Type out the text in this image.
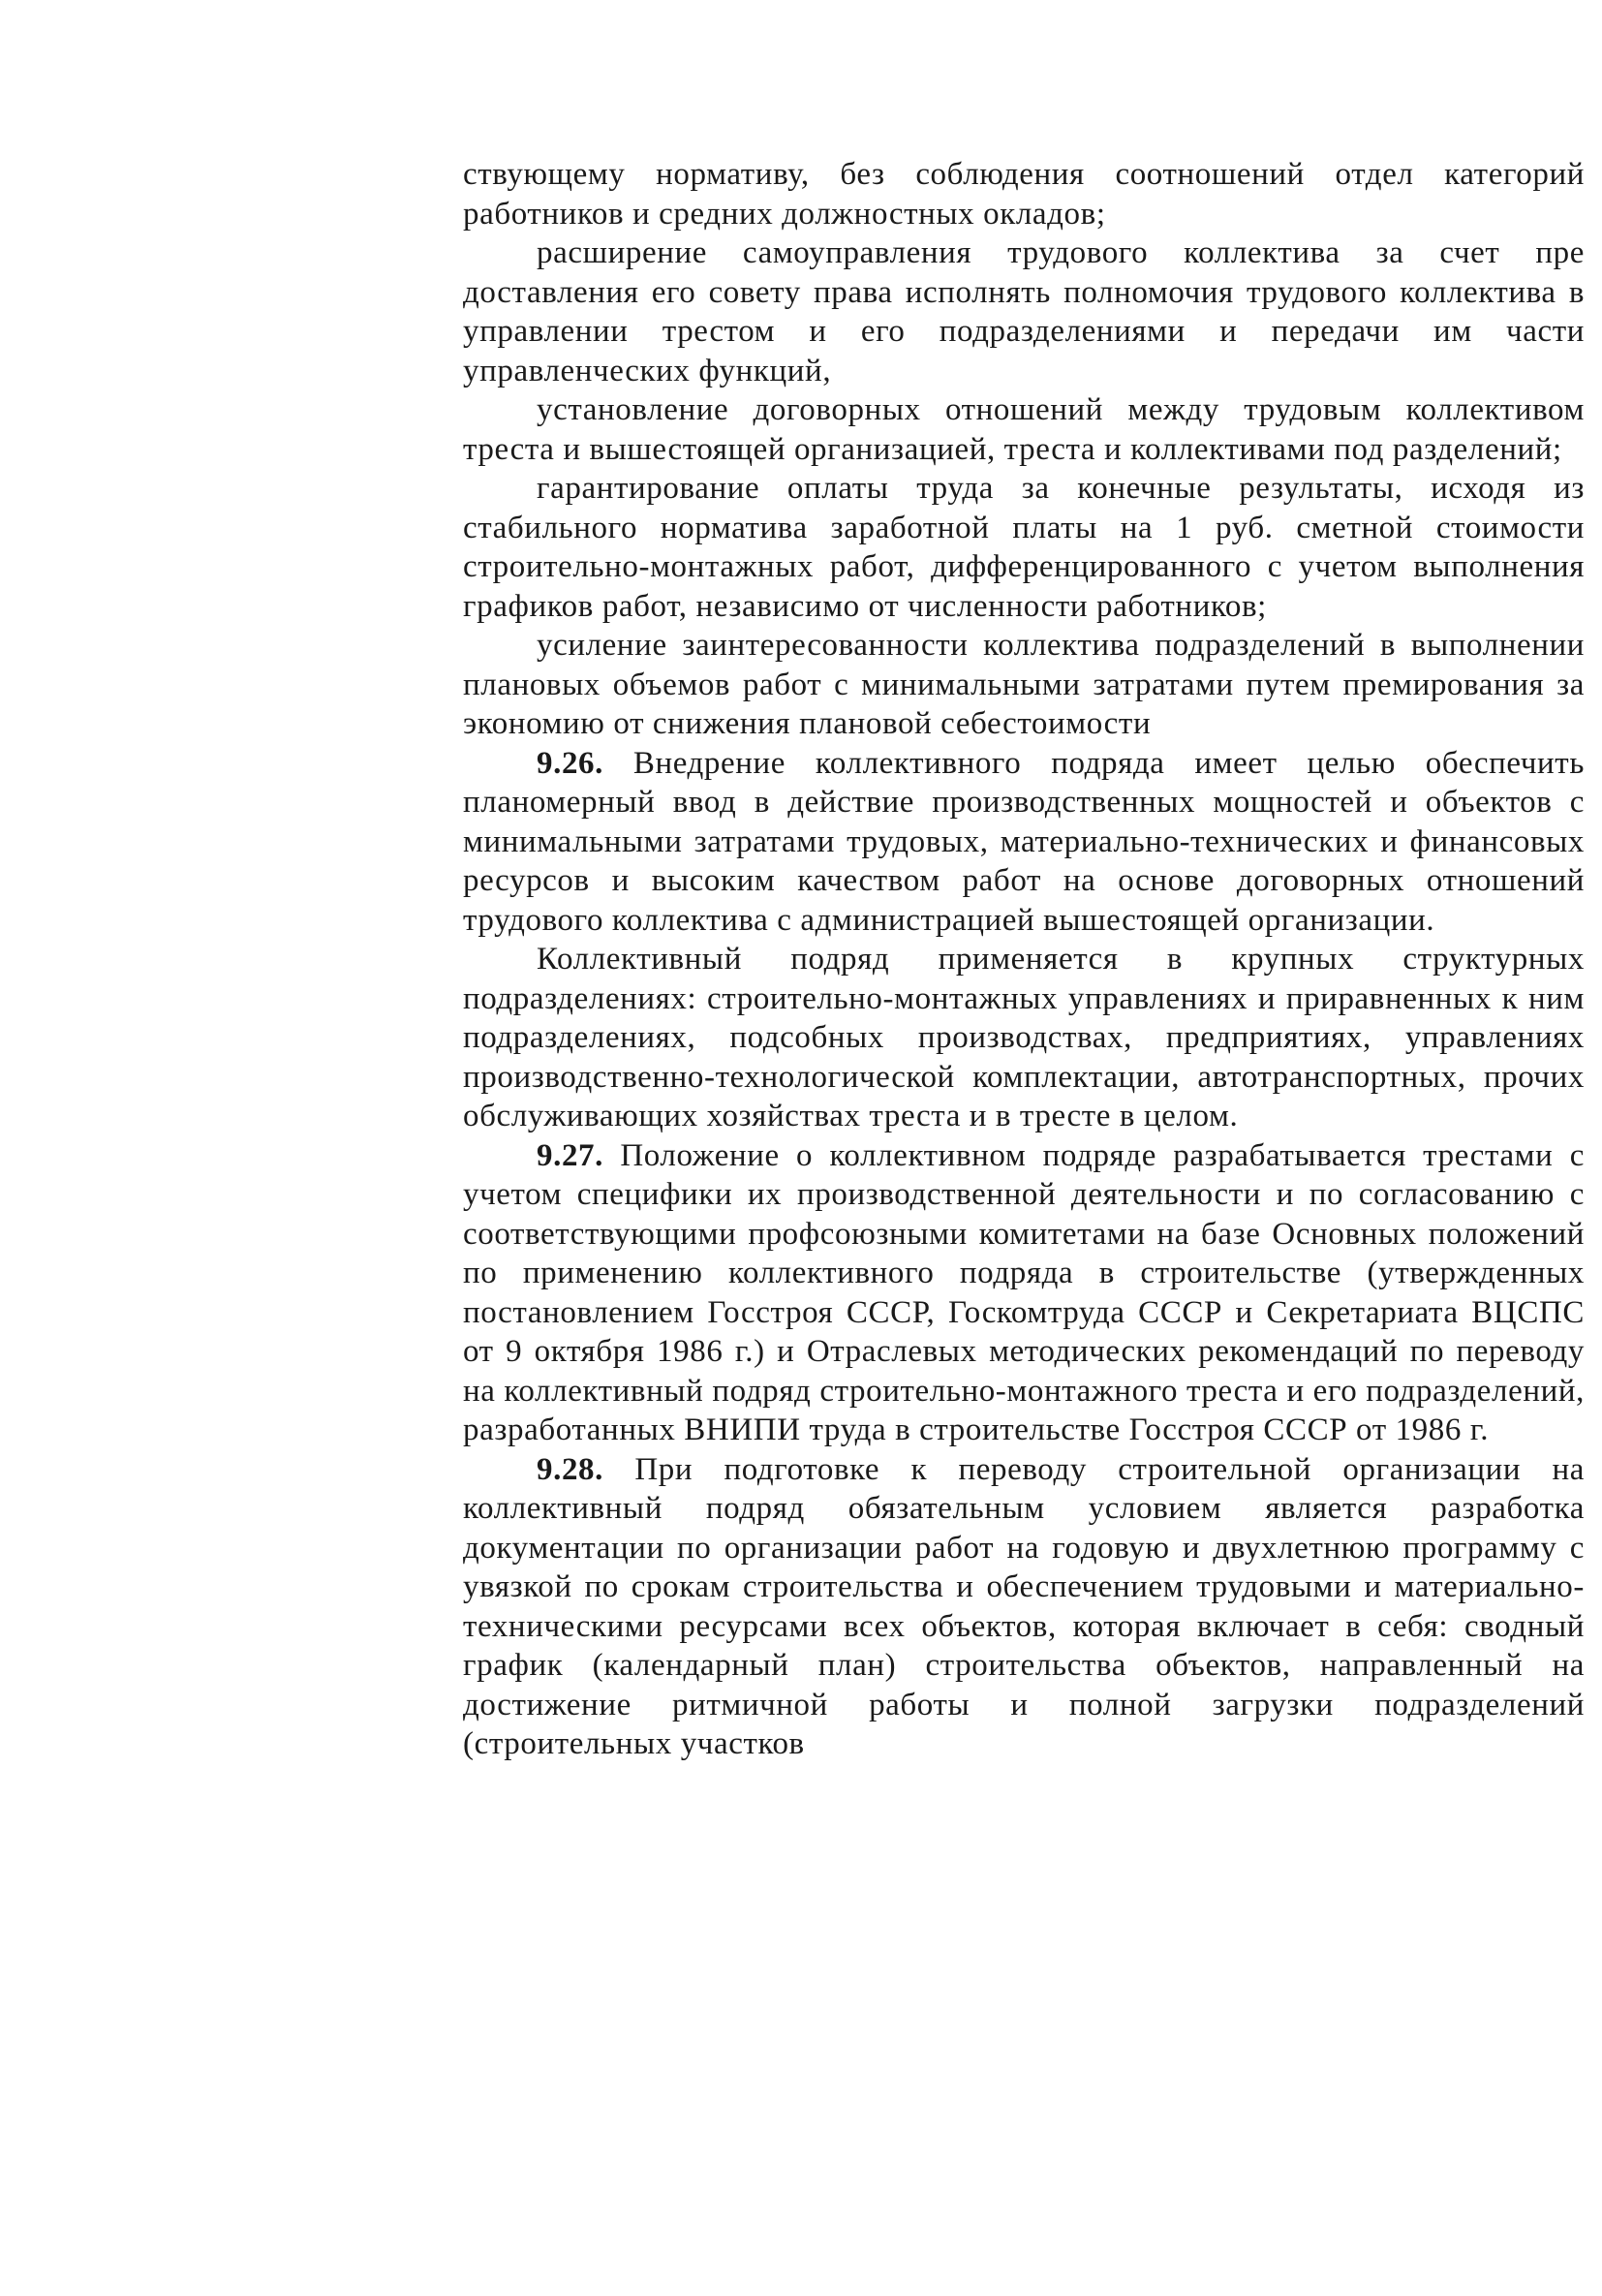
ствующему нормативу, без соблюдения соотношений отдел категорий работников и средних должностных окладов;

расширение самоуправления трудового коллектива за счет пре доставления его совету права исполнять полномочия трудового коллектива в управлении трестом и его подразделениями и передачи им части управленческих функций,

установление договорных отношений между трудовым коллективом треста и вышестоящей организацией, треста и коллективами под разделений;

гарантирование оплаты труда за конечные результаты, исходя из стабильного норматива заработной платы на 1 руб. сметной стоимости строительно-монтажных работ, дифференцированного с учетом выполнения графиков работ, независимо от численности работников;

усиление заинтересованности коллектива подразделений в выполнении плановых объемов работ с минимальными затратами путем премирования за экономию от снижения плановой себестоимости

9.26. Внедрение коллективного подряда имеет целью обеспечить планомерный ввод в действие производственных мощностей и объектов с минимальными затратами трудовых, материально-технических и финансовых ресурсов и высоким качеством работ на основе договорных отношений трудового коллектива с администрацией вышестоящей организации.

Коллективный подряд применяется в крупных структурных подразделениях: строительно-монтажных управлениях и приравненных к ним подразделениях, подсобных производствах, предприятиях, управлениях производственно-технологической комплектации, автотранспортных, прочих обслуживающих хозяйствах треста и в тресте в целом.

9.27. Положение о коллективном подряде разрабатывается трестами с учетом специфики их производственной деятельности и по согласованию с соответствующими профсоюзными комитетами на базе Основных положений по применению коллективного подряда в строительстве (утвержденных постановлением Госстроя СССР, Госкомтруда СССР и Секретариата ВЦСПС от 9 октября 1986 г.) и Отраслевых методических рекомендаций по переводу на коллективный подряд строительно-монтажного треста и его подразделений, разработанных ВНИПИ труда в строительстве Госстроя СССР от 1986 г.

9.28. При подготовке к переводу строительной организации на коллективный подряд обязательным условием является разработка документации по организации работ на годовую и двухлетнюю программу с увязкой по срокам строительства и обеспечением трудовыми и материально-техническими ресурсами всех объектов, которая включает в себя: сводный график (календарный план) строительства объектов, направленный на достижение ритмичной работы и полной загрузки подразделений (строительных участков
